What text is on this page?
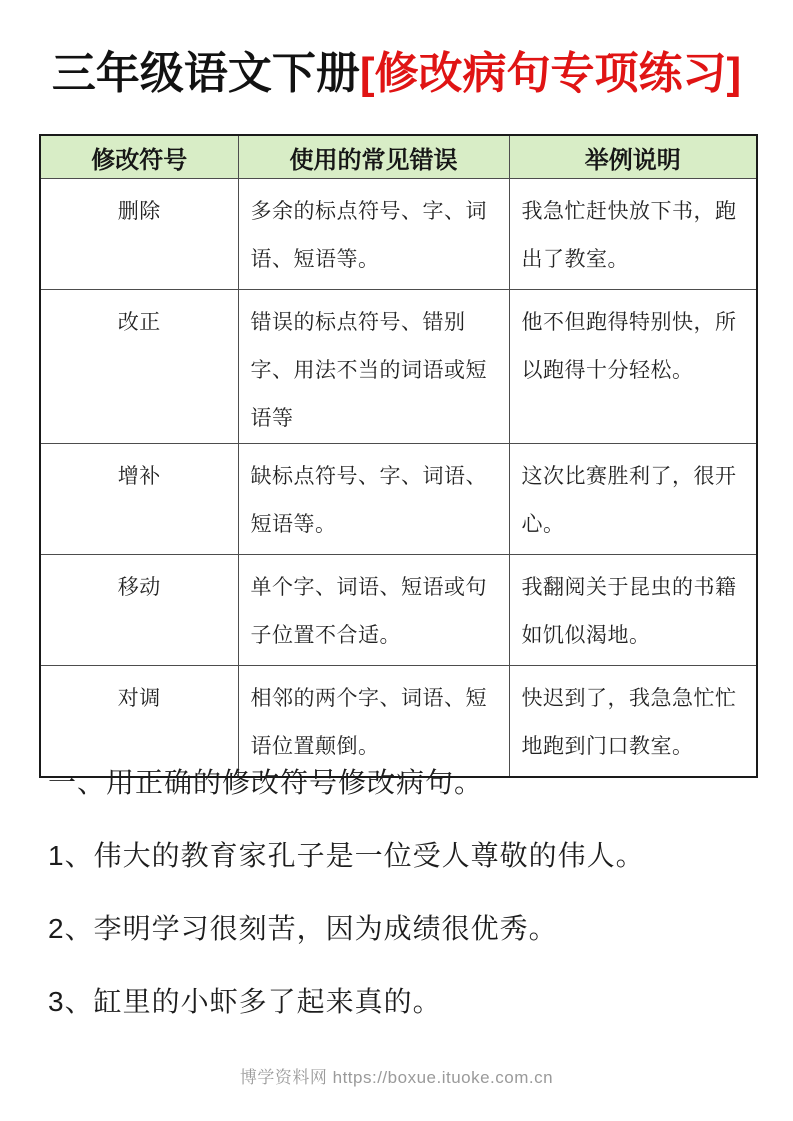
三年级语文下册[修改病句专项练习]
修改符号	使用的常见错误	举例说明
删除	多余的标点符号、字、词语、短语等。	我急忙赶快放下书，跑出了教室。
改正	错误的标点符号、错别字、用法不当的词语或短语等	他不但跑得特别快，所以跑得十分轻松。
增补	缺标点符号、字、词语、短语等。	这次比赛胜利了，很开心。
移动	单个字、词语、短语或句子位置不合适。	我翻阅关于昆虫的书籍如饥似渴地。
对调	相邻的两个字、词语、短语位置颠倒。	快迟到了，我急急忙忙地跑到门口教室。

一、用正确的修改符号修改病句。

1、伟大的教育家孔子是一位受人尊敬的伟人。

2、李明学习很刻苦，因为成绩很优秀。

3、缸里的小虾多了起来真的。

博学资料网 https://boxue.ituoke.com.cn
